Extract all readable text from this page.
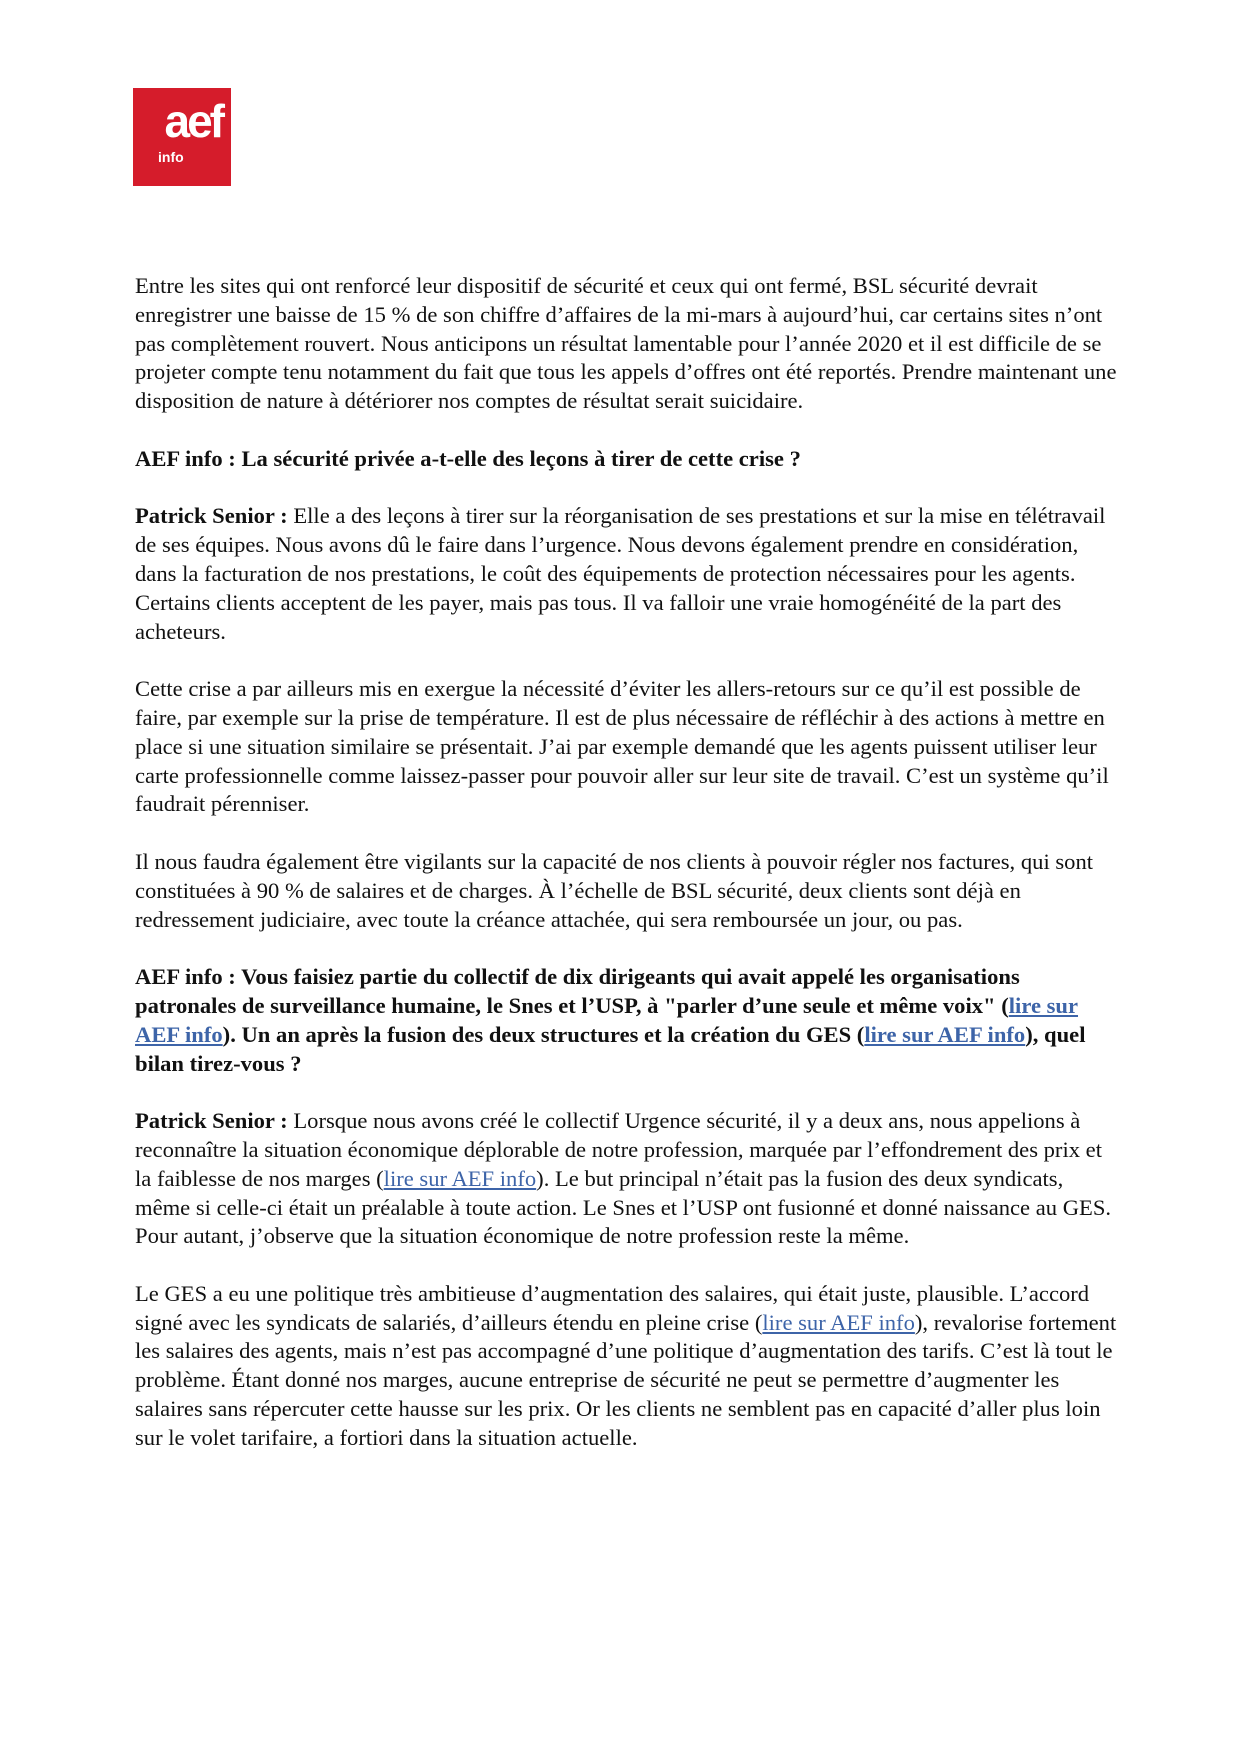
aef
info

Entre les sites qui ont renforcé leur dispositif de sécurité et ceux qui ont fermé, BSL sécurité devrait enregistrer une baisse de 15 % de son chiffre d’affaires de la mi-mars à aujourd’hui, car certains sites n’ont pas complètement rouvert. Nous anticipons un résultat lamentable pour l’année 2020 et il est difficile de se projeter compte tenu notamment du fait que tous les appels d’offres ont été reportés. Prendre maintenant une disposition de nature à détériorer nos comptes de résultat serait suicidaire.

AEF info : La sécurité privée a-t-elle des leçons à tirer de cette crise ?

Patrick Senior : Elle a des leçons à tirer sur la réorganisation de ses prestations et sur la mise en télétravail de ses équipes. Nous avons dû le faire dans l’urgence. Nous devons également prendre en considération, dans la facturation de nos prestations, le coût des équipements de protection nécessaires pour les agents. Certains clients acceptent de les payer, mais pas tous. Il va falloir une vraie homogénéité de la part des acheteurs.

Cette crise a par ailleurs mis en exergue la nécessité d’éviter les allers-retours sur ce qu’il est possible de faire, par exemple sur la prise de température. Il est de plus nécessaire de réfléchir à des actions à mettre en place si une situation similaire se présentait. J’ai par exemple demandé que les agents puissent utiliser leur carte professionnelle comme laissez-passer pour pouvoir aller sur leur site de travail. C’est un système qu’il faudrait pérenniser.

Il nous faudra également être vigilants sur la capacité de nos clients à pouvoir régler nos factures, qui sont constituées à 90 % de salaires et de charges. À l’échelle de BSL sécurité, deux clients sont déjà en redressement judiciaire, avec toute la créance attachée, qui sera remboursée un jour, ou pas.

AEF info : Vous faisiez partie du collectif de dix dirigeants qui avait appelé les organisations patronales de surveillance humaine, le Snes et l’USP, à "parler d’une seule et même voix" (lire sur AEF info). Un an après la fusion des deux structures et la création du GES (lire sur AEF info), quel bilan tirez-vous ?

Patrick Senior : Lorsque nous avons créé le collectif Urgence sécurité, il y a deux ans, nous appelions à reconnaître la situation économique déplorable de notre profession, marquée par l’effondrement des prix et la faiblesse de nos marges (lire sur AEF info). Le but principal n’était pas la fusion des deux syndicats, même si celle-ci était un préalable à toute action. Le Snes et l’USP ont fusionné et donné naissance au GES. Pour autant, j’observe que la situation économique de notre profession reste la même.

Le GES a eu une politique très ambitieuse d’augmentation des salaires, qui était juste, plausible. L’accord signé avec les syndicats de salariés, d’ailleurs étendu en pleine crise (lire sur AEF info), revalorise fortement les salaires des agents, mais n’est pas accompagné d’une politique d’augmentation des tarifs. C’est là tout le problème. Étant donné nos marges, aucune entreprise de sécurité ne peut se permettre d’augmenter les salaires sans répercuter cette hausse sur les prix. Or les clients ne semblent pas en capacité d’aller plus loin sur le volet tarifaire, a fortiori dans la situation actuelle.
